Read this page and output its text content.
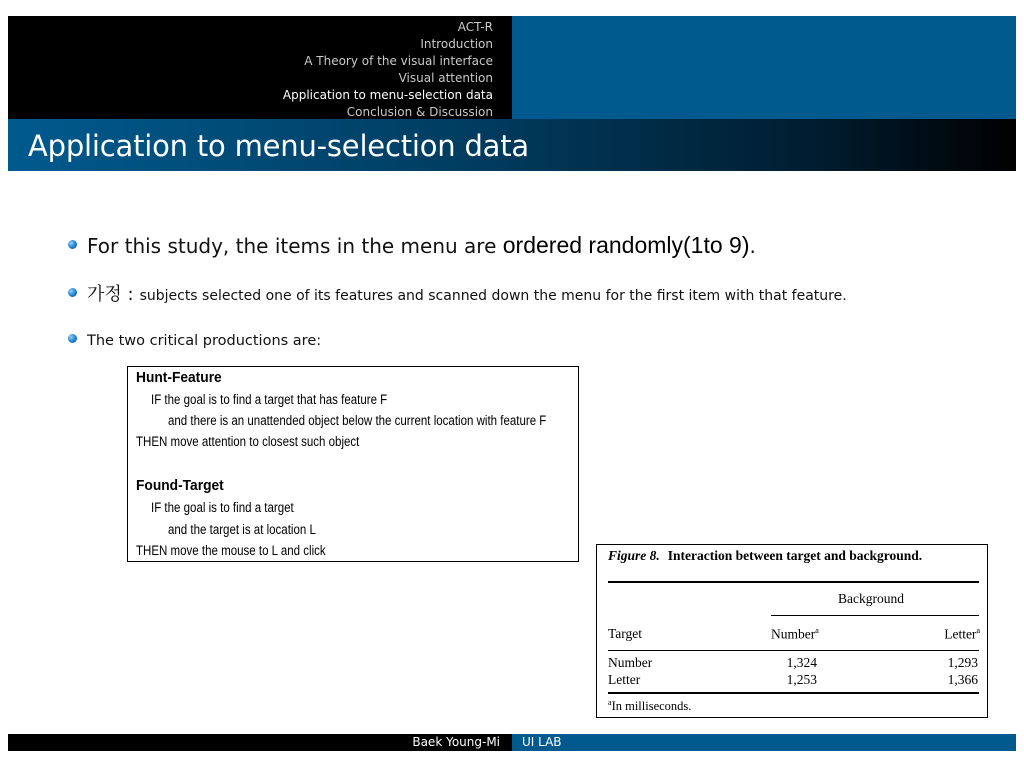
ACT-R
Introduction
A Theory of the visual interface
Visual attention
Application to menu-selection data
Conclusion & Discussion
Application to menu-selection data
For this study, the items in the menu are ordered randomly(1to 9).
가정 : subjects selected one of its features and scanned down the menu for the first item with that feature.
The two critical productions are:
Hunt-Feature
IF the goal is to find a target that has feature F
and there is an unattended object below the current location with feature F
THEN move attention to closest such object
Found-Target
IF the goal is to find a target
and the target is at location L
THEN move the mouse to L and click	Figure 8. Interaction between target and background.
Background
Target	Number$^a$	Letter$^a$
Number	1,324	1,293
Letter	1,253	1,366
$^a$In milliseconds.
Baek Young-Mi UI LAB
